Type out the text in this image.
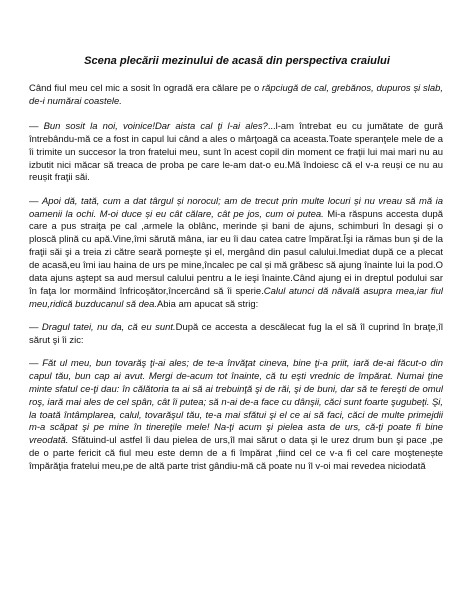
Scena plecării mezinului de acasă din perspectiva craiului

Când fiul meu cel mic a sosit în ogradă era călare pe o răpciugă de cal, grebănos, dupuros și slab, de-i numărai coastele.

— Bun sosit la noi, voinice!Dar aista cal ţi l-ai ales?...l-am întrebat eu cu jumătate de gură întrebându-mă ce a fost in capul lui când a ales o mârţoagă ca aceasta.Toate speranţele mele de a îi trimite un succesor la tron fratelui meu, sunt în acest copil din moment ce fraţii lui mai mari nu au izbutit nici măcar să treaca de proba pe care le-am dat-o eu.Mă îndoiesc că el v-a reuși ce nu au reușit fraţii săi.

— Apoi dă, tată, cum a dat târgul și norocul; am de trecut prin multe locuri și nu vreau să mă ia oamenii la ochi. M-oi duce și eu cât călare, cât pe jos, cum oi putea. Mi-a răspuns accesta după care a pus straiţa pe cal ,armele la oblânc, merinde și bani de ajuns, schimburi în desagi și o ploscă plină cu apă.Vine,îmi sărută mâna, iar eu îi dau catea catre împărat.Îşi ia rămas bun şi de la fraţii săi şi a treia zi către seară porneşte şi el, mergând din pasul calului.Imediat după ce a plecat de acasă,eu îmi iau haina de urs pe mine,încalec pe cal și mă grăbesc să ajung înainte lui la pod.O data ajuns aştept sa aud mersul calului pentru a le ieşi înainte.Când ajung ei in dreptul podului sar în faţa lor mormăind înfricoşător,încercând să îi sperie.Calul atunci dă năvală asupra mea,iar fiul meu,ridică buzducanul să dea.Abia am apucat să strig:

— Dragul tatei, nu da, că eu sunt.După ce accesta a descălecat fug la el să îl cuprind în braţe,îl sărut şi îi zic:

— Făt ul meu, bun tovarăş ţi-ai ales; de te-a învăţat cineva, bine ţi-a priit, iară de-ai făcut-o din capul tău, bun cap ai avut. Mergi de-acum tot înainte, că tu eşti vrednic de împărat. Numai ţine minte sfatul ce-ţi dau: în călătoria ta ai să ai trebuinţă şi de răi, şi de buni, dar să te fereşti de omul roş, iară mai ales de cel spân, cât îi putea; să n-ai de-a face cu dânşii, căci sunt foarte şugubeţi. Şi, la toată întâmplarea, calul, tovarăşul tău, te-a mai sfătui şi el ce ai să faci, căci de multe primejdii m-a scăpat şi pe mine în tinereţile mele! Na-ţi acum şi pielea asta de urs, că-ţi poate fi bine vreodată. Sfătuind-ul astfel îi dau pielea de urs,îl mai sărut o data şi le urez drum bun şi pace ,pe de o parte fericit că fiul meu este demn de a fi împărat ,fiind cel ce v-a fi cel care moştenește împărăţia fratelui meu,pe de altă parte trist gândiu-mă că poate nu îl v-oi mai revedea niciodată
